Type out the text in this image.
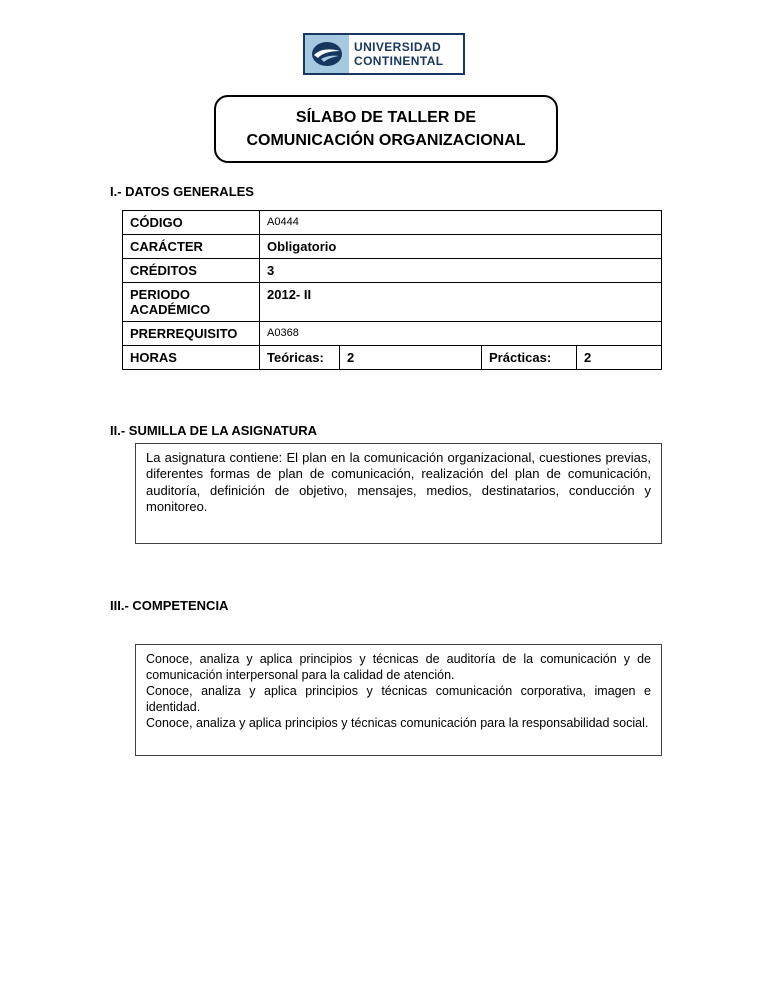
UNIVERSIDAD
CONTINENTAL
SÍLABO DE TALLER DE
COMUNICACIÓN ORGANIZACIONAL
I.- DATOS GENERALES
CÓDIGO	A0444			
CARÁCTER	Obligatorio			
CRÉDITOS	3			
PERIODO ACADÉMICO	2012- II			
PRERREQUISITO	A0368			
HORAS	Teóricas:	2	Prácticas:	2
II.- SUMILLA DE LA ASIGNATURA
La asignatura contiene: El plan en la comunicación organizacional, cuestiones previas, diferentes formas de plan de comunicación, realización del plan de comunicación, auditoría, definición de objetivo, mensajes, medios, destinatarios, conducción y monitoreo.
III.- COMPETENCIA
Conoce, analiza y aplica principios y técnicas de auditoría de la comunicación y de comunicación interpersonal para la calidad de atención.
Conoce, analiza y aplica principios y técnicas comunicación corporativa, imagen e identidad.
Conoce, analiza y aplica principios y técnicas comunicación para la responsabilidad social.
